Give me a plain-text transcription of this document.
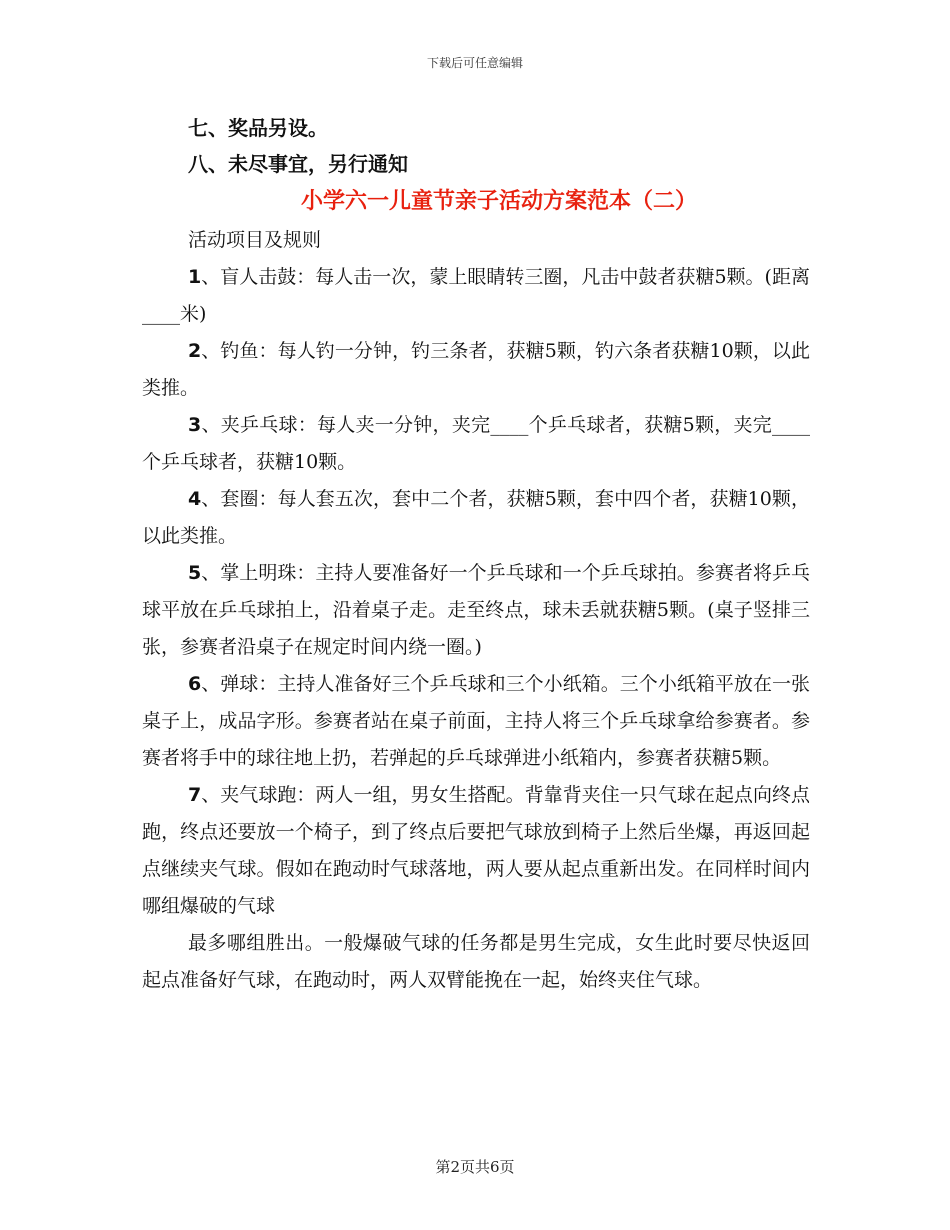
下载后可任意编辑
七、奖品另设。
八、未尽事宜，另行通知
小学六一儿童节亲子活动方案范本（二）

活动项目及规则

1、盲人击鼓：每人击一次，蒙上眼睛转三圈，凡击中鼓者获糖5颗。(距离____米)

2、钓鱼：每人钓一分钟，钓三条者，获糖5颗，钓六条者获糖10颗，以此类推。

3、夹乒乓球：每人夹一分钟，夹完____个乒乓球者，获糖5颗，夹完____个乒乓球者，获糖10颗。

4、套圈：每人套五次，套中二个者，获糖5颗，套中四个者，获糖10颗，以此类推。

5、掌上明珠：主持人要准备好一个乒乓球和一个乒乓球拍。参赛者将乒乓球平放在乒乓球拍上，沿着桌子走。走至终点，球未丢就获糖5颗。(桌子竖排三张，参赛者沿桌子在规定时间内绕一圈。)

6、弹球：主持人准备好三个乒乓球和三个小纸箱。三个小纸箱平放在一张桌子上，成品字形。参赛者站在桌子前面，主持人将三个乒乓球拿给参赛者。参赛者将手中的球往地上扔，若弹起的乒乓球弹进小纸箱内，参赛者获糖5颗。

7、夹气球跑：两人一组，男女生搭配。背靠背夹住一只气球在起点向终点跑，终点还要放一个椅子，到了终点后要把气球放到椅子上然后坐爆，再返回起点继续夹气球。假如在跑动时气球落地，两人要从起点重新出发。在同样时间内哪组爆破的气球

最多哪组胜出。一般爆破气球的任务都是男生完成，女生此时要尽快返回起点准备好气球，在跑动时，两人双臂能挽在一起，始终夹住气球。

第2页共6页
